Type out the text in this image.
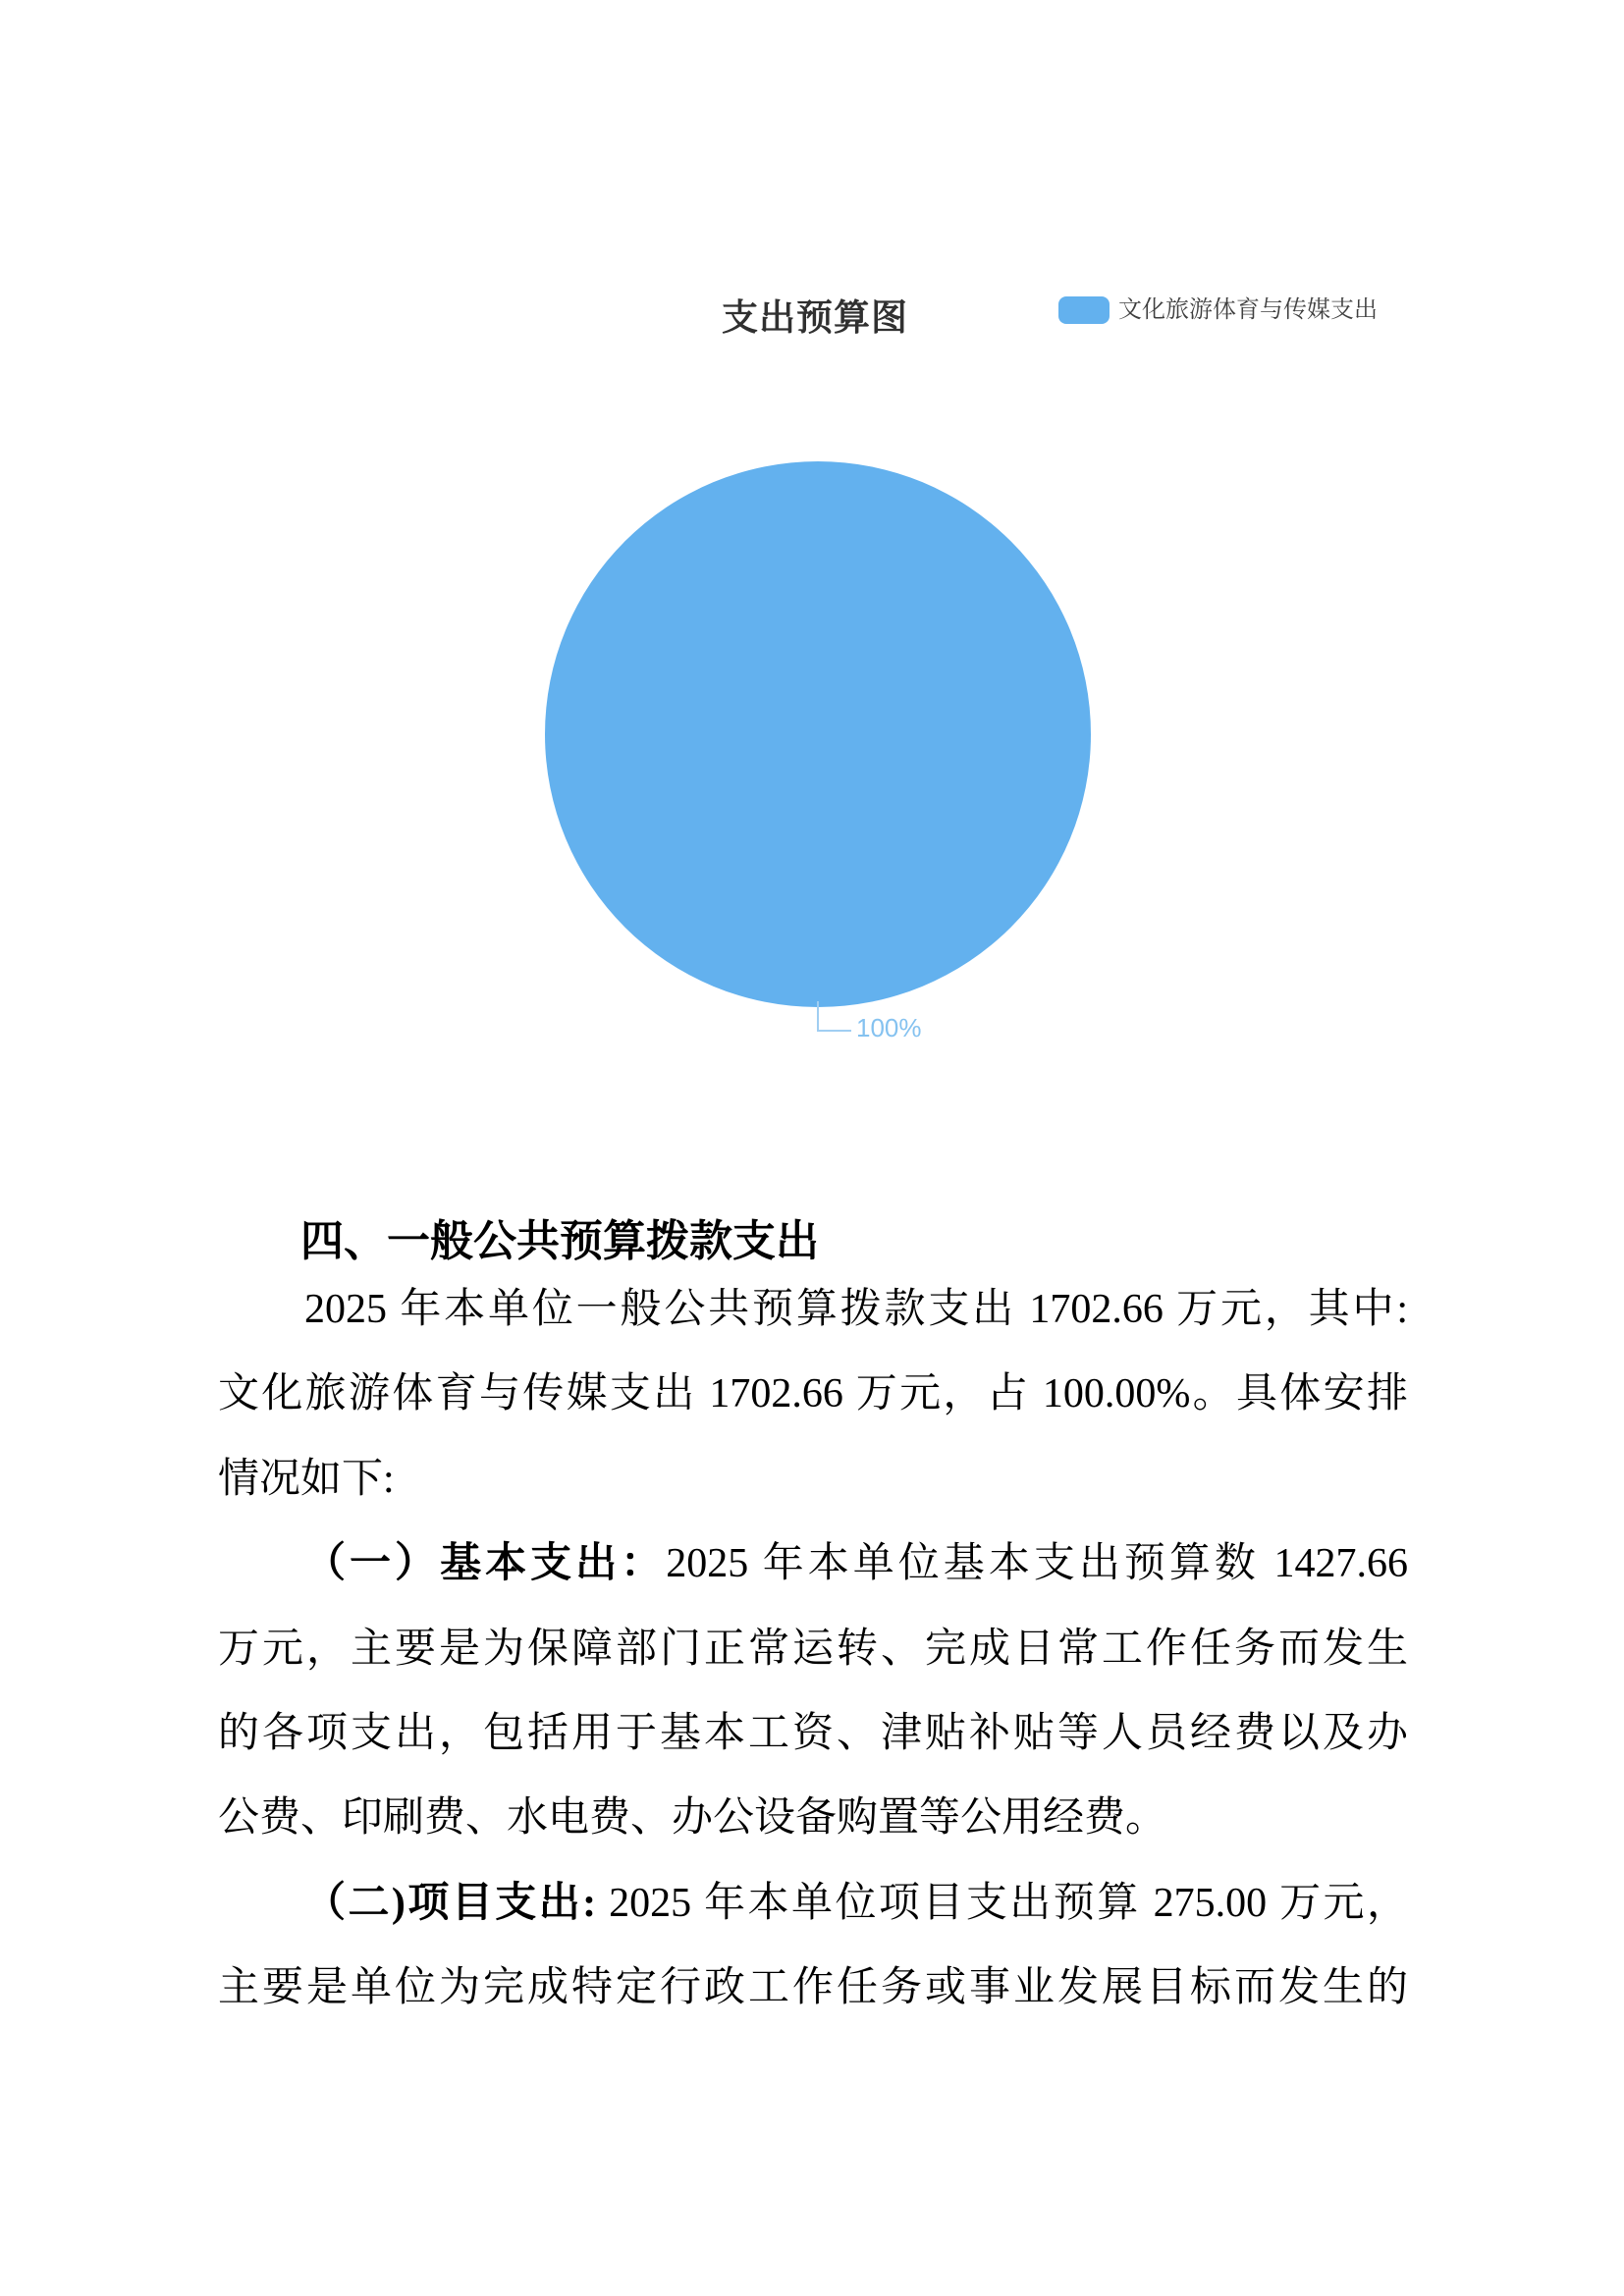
支出预算图	文化旅游体育与传媒支出
100%
四、一般公共预算拨款支出
2025 年本单位一般公共预算拨款支出 1702.66 万元，其中:
文化旅游体育与传媒支出 1702.66 万元，占 100.00%。具体安排
情况如下:
（一）基本支出：2025 年本单位基本支出预算数 1427.66
万元，主要是为保障部门正常运转、完成日常工作任务而发生
的各项支出，包括用于基本工资、津贴补贴等人员经费以及办
公费、印刷费、水电费、办公设备购置等公用经费。
（二)项目支出: 2025 年本单位项目支出预算 275.00 万元，
主要是单位为完成特定行政工作任务或事业发展目标而发生的
